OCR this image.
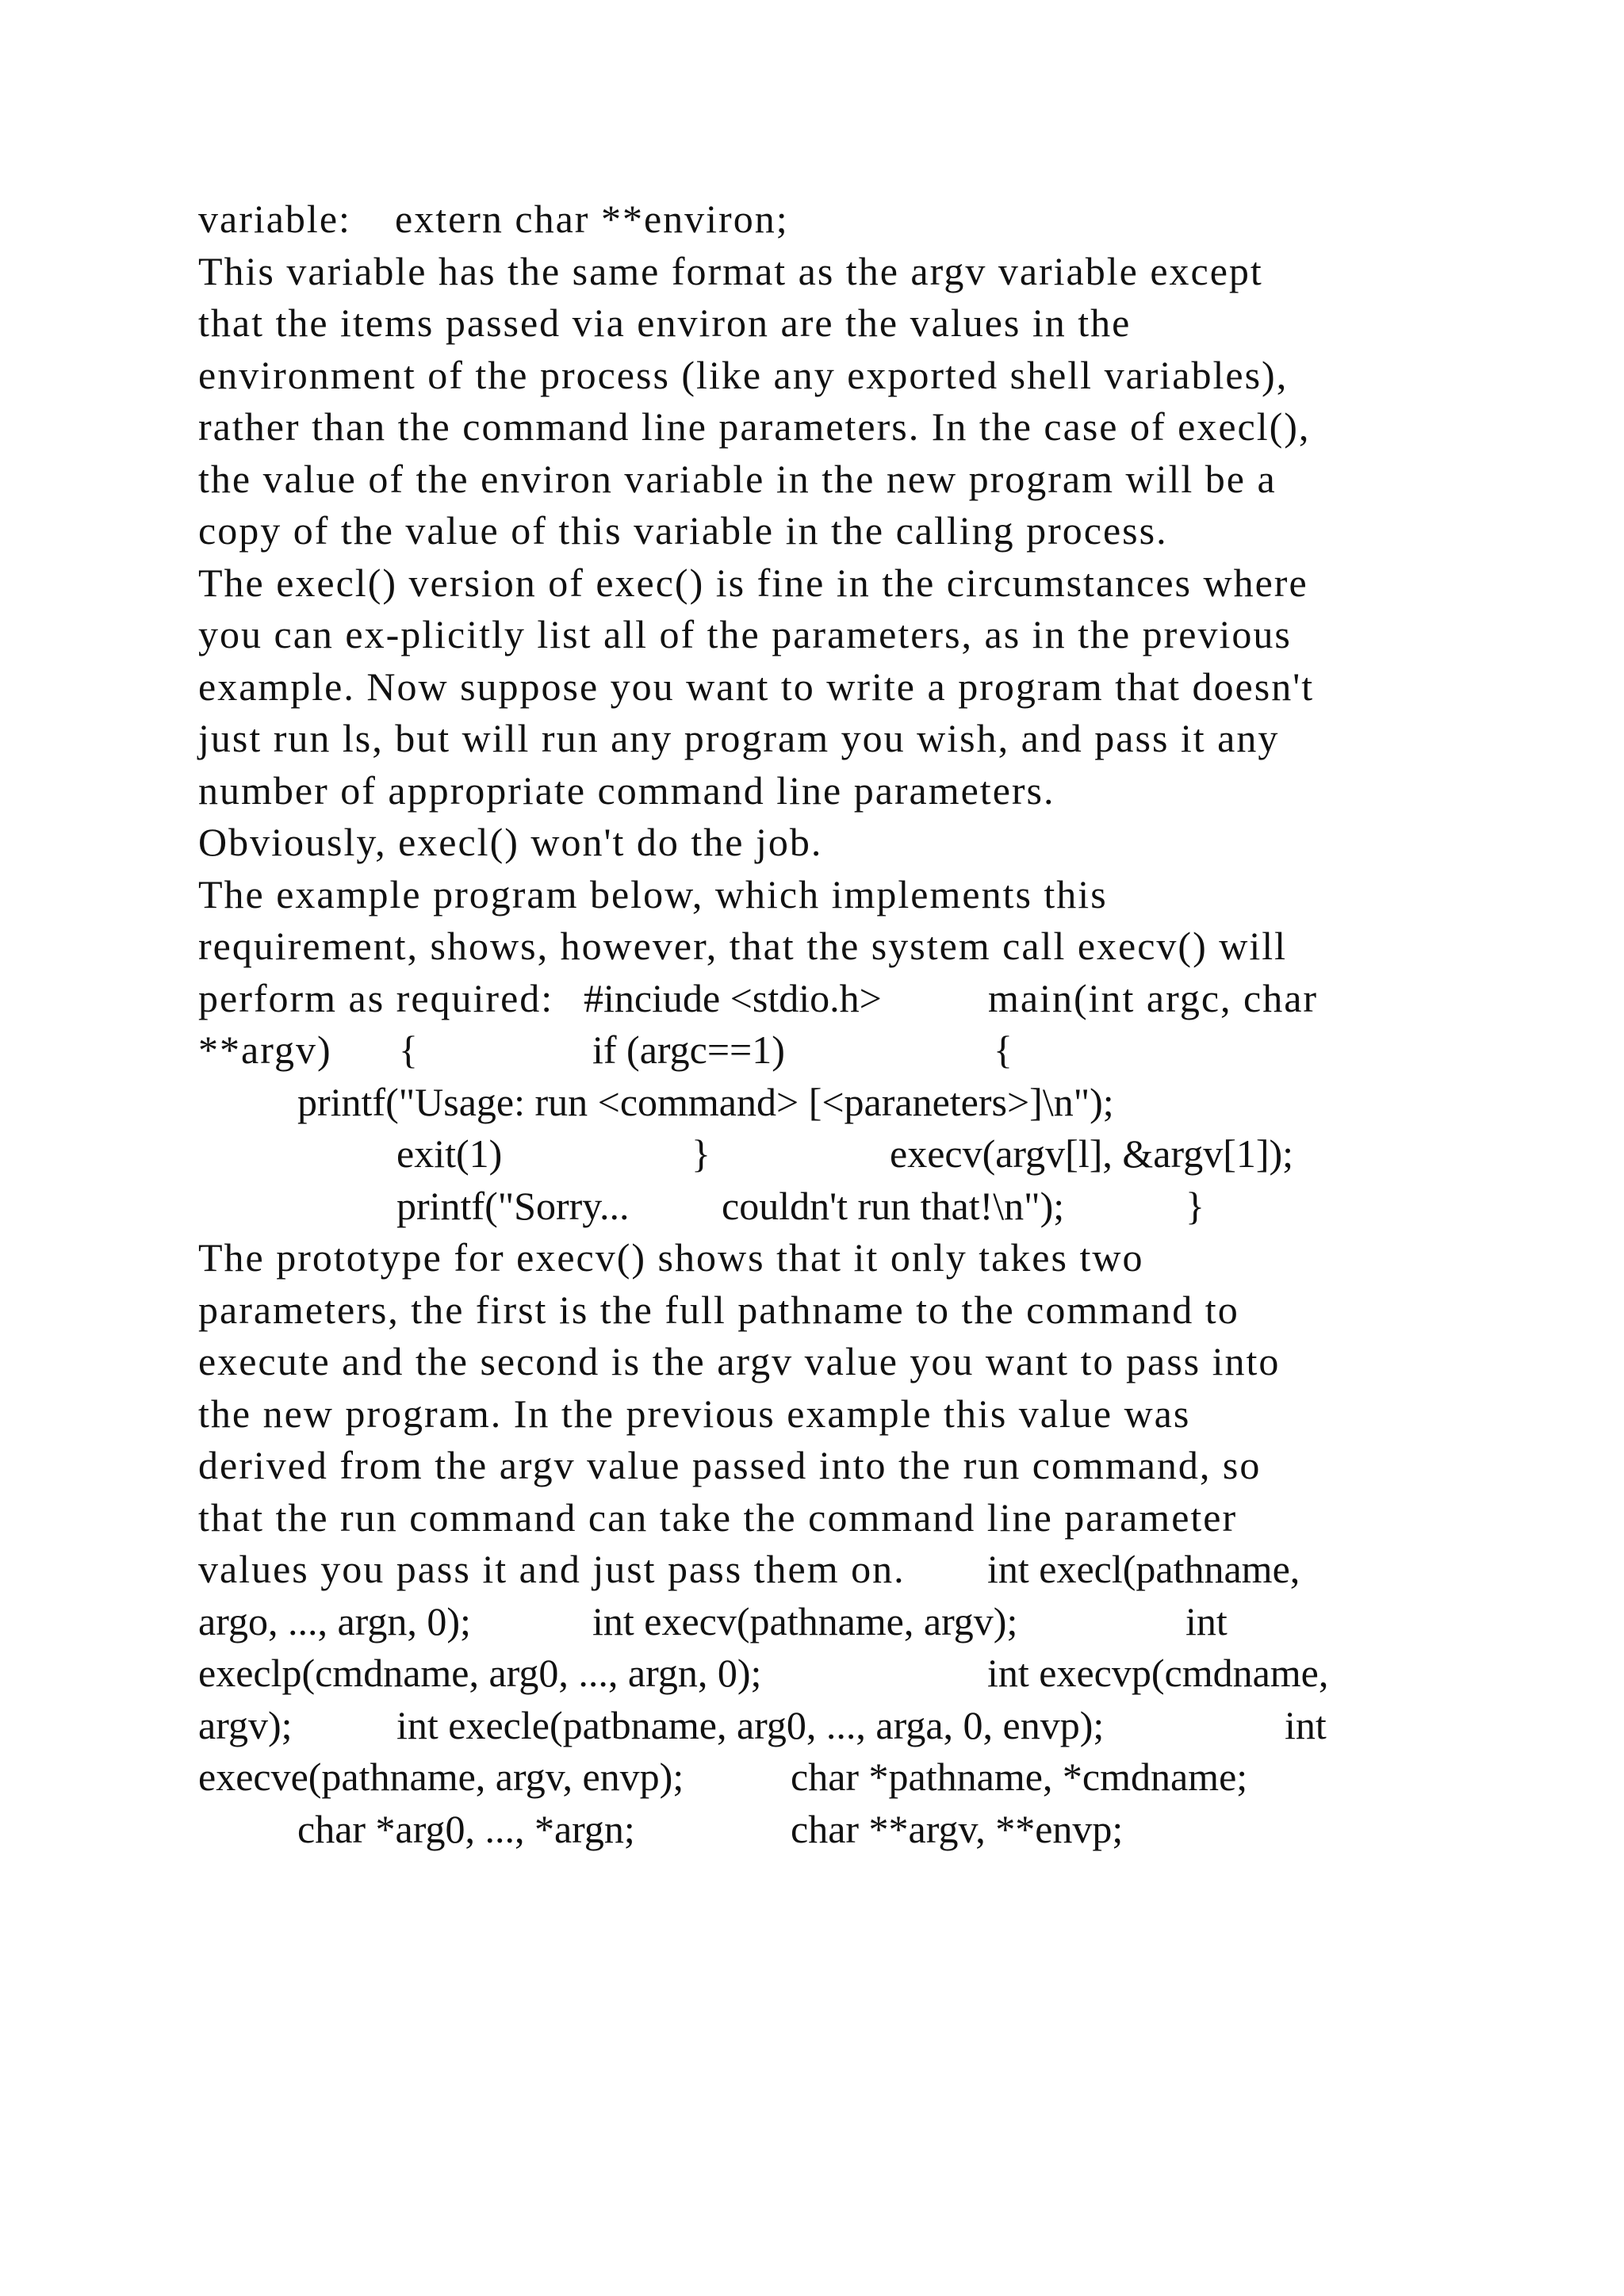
variable:

extern char **environ;

This variable has the same format as the argv variable except

that the items passed via environ are the values in the

environment of the process (like any exported shell variables),

rather than the command line parameters. In the case of execl(),

the value of the environ variable in the new program will be a

copy of the value of this variable in the calling process.

The execl() version of exec() is fine in the circumstances where

you can ex-plicitly list all of the parameters, as in the previous

example. Now suppose you want to write a program that doesn't

just run ls, but will run any program you wish, and pass it any

number of appropriate command line parameters.

Obviously, execl() won't do the job.

The example program below, which implements this

requirement, shows, however, that the system call execv() will

perform as required:

#inciude <stdio.h>

	main(int argc, char

**argv)

{

	if (argc==1)

	{

printf("Usage: run <command> [<paraneters>]\n");

exit(1)

	}

	execv(argv[l], &argv[1]);

printf("Sorry...

couldn't run that!\n");

	}

The prototype for execv() shows that it only takes two

parameters, the first is the full pathname to the command to

execute and the second is the argv value you want to pass into

the new program. In the previous example this value was

derived from the argv value passed into the run command, so

that the run command can take the command line parameter

values you pass it and just pass them on.

int execl(pathname,

argo, ..., argn, 0);

	int execv(pathname, argv);

	int

execlp(cmdname, arg0, ..., argn, 0);

	int execvp(cmdname,

argv);

	int execle(patbname, arg0, ..., arga, 0, envp);

	int

execve(pathname, argv, envp);

	char *pathname, *cmdname;

char *arg0, ..., *argn;

	char **argv, **envp;
